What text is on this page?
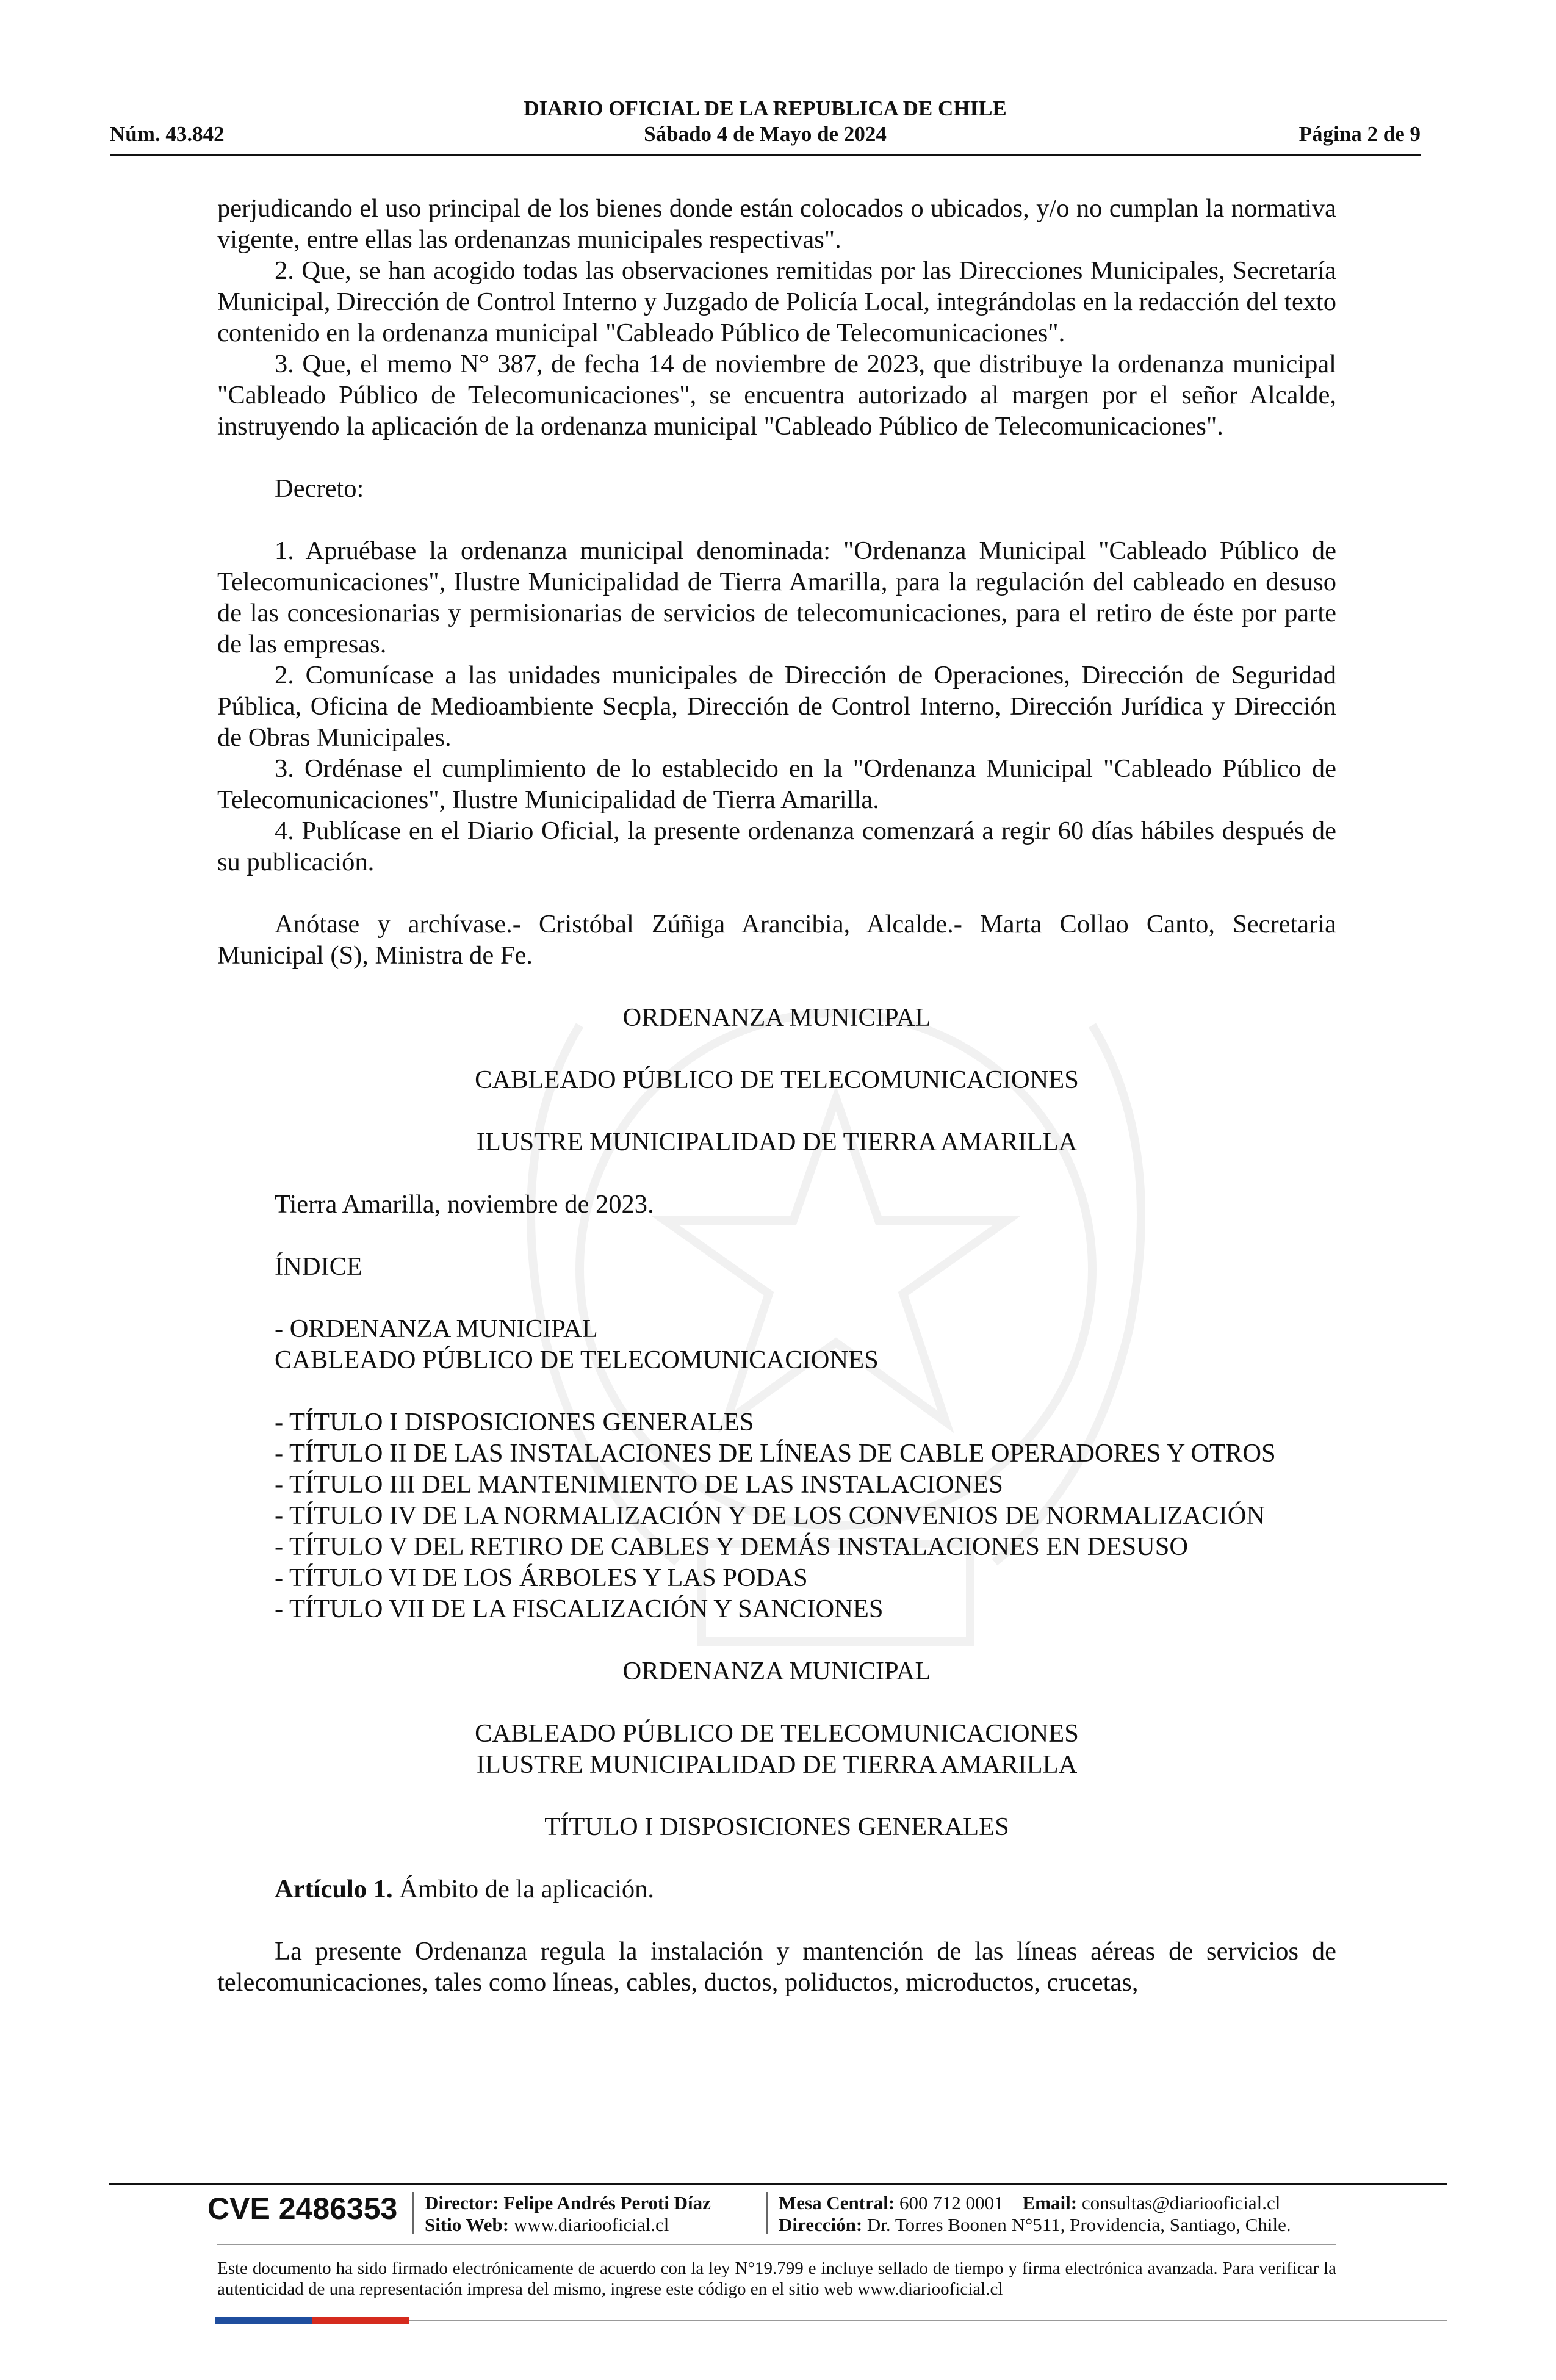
DIARIO OFICIAL DE LA REPUBLICA DE CHILE
Núm. 43.842	Sábado 4 de Mayo de 2024	Página 2 de 9

perjudicando el uso principal de los bienes donde están colocados o ubicados, y/o no cumplan la normativa vigente, entre ellas las ordenanzas municipales respectivas".

2. Que, se han acogido todas las observaciones remitidas por las Direcciones Municipales, Secretaría Municipal, Dirección de Control Interno y Juzgado de Policía Local, integrándolas en la redacción del texto contenido en la ordenanza municipal "Cableado Público de Telecomunicaciones".

3. Que, el memo N° 387, de fecha 14 de noviembre de 2023, que distribuye la ordenanza municipal "Cableado Público de Telecomunicaciones", se encuentra autorizado al margen por el señor Alcalde, instruyendo la aplicación de la ordenanza municipal "Cableado Público de Telecomunicaciones".

Decreto:

1. Apruébase la ordenanza municipal denominada: "Ordenanza Municipal "Cableado Público de Telecomunicaciones", Ilustre Municipalidad de Tierra Amarilla, para la regulación del cableado en desuso de las concesionarias y permisionarias de servicios de telecomunicaciones, para el retiro de éste por parte de las empresas.

2. Comunícase a las unidades municipales de Dirección de Operaciones, Dirección de Seguridad Pública, Oficina de Medioambiente Secpla, Dirección de Control Interno, Dirección Jurídica y Dirección de Obras Municipales.

3. Ordénase el cumplimiento de lo establecido en la "Ordenanza Municipal "Cableado Público de Telecomunicaciones", Ilustre Municipalidad de Tierra Amarilla.

4. Publícase en el Diario Oficial, la presente ordenanza comenzará a regir 60 días hábiles después de su publicación.

Anótase y archívase.- Cristóbal Zúñiga Arancibia, Alcalde.- Marta Collao Canto, Secretaria Municipal (S), Ministra de Fe.

ORDENANZA MUNICIPAL

CABLEADO PÚBLICO DE TELECOMUNICACIONES

ILUSTRE MUNICIPALIDAD DE TIERRA AMARILLA

Tierra Amarilla, noviembre de 2023.

ÍNDICE

- ORDENANZA MUNICIPAL

CABLEADO PÚBLICO DE TELECOMUNICACIONES

- TÍTULO I DISPOSICIONES GENERALES

- TÍTULO II DE LAS INSTALACIONES DE LÍNEAS DE CABLE OPERADORES Y OTROS

- TÍTULO III DEL MANTENIMIENTO DE LAS INSTALACIONES

- TÍTULO IV DE LA NORMALIZACIÓN Y DE LOS CONVENIOS DE NORMALIZACIÓN

- TÍTULO V DEL RETIRO DE CABLES Y DEMÁS INSTALACIONES EN DESUSO

- TÍTULO VI DE LOS ÁRBOLES Y LAS PODAS

- TÍTULO VII DE LA FISCALIZACIÓN Y SANCIONES

ORDENANZA MUNICIPAL

CABLEADO PÚBLICO DE TELECOMUNICACIONES

ILUSTRE MUNICIPALIDAD DE TIERRA AMARILLA

TÍTULO I DISPOSICIONES GENERALES

Artículo 1. Ámbito de la aplicación.

La presente Ordenanza regula la instalación y mantención de las líneas aéreas de servicios de telecomunicaciones, tales como líneas, cables, ductos, poliductos, microductos, crucetas,

CVE 2486353 Director: Felipe Andrés Peroti Díaz
Sitio Web: www.diariooficial.cl
Mesa Central: 600 712 0001 Email: consultas@diariooficial.cl
Dirección: Dr. Torres Boonen N°511, Providencia, Santiago, Chile.
Este documento ha sido firmado electrónicamente de acuerdo con la ley N°19.799 e incluye sellado de tiempo y firma electrónica avanzada. Para verificar la autenticidad de una representación impresa del mismo, ingrese este código en el sitio web www.diariooficial.cl
